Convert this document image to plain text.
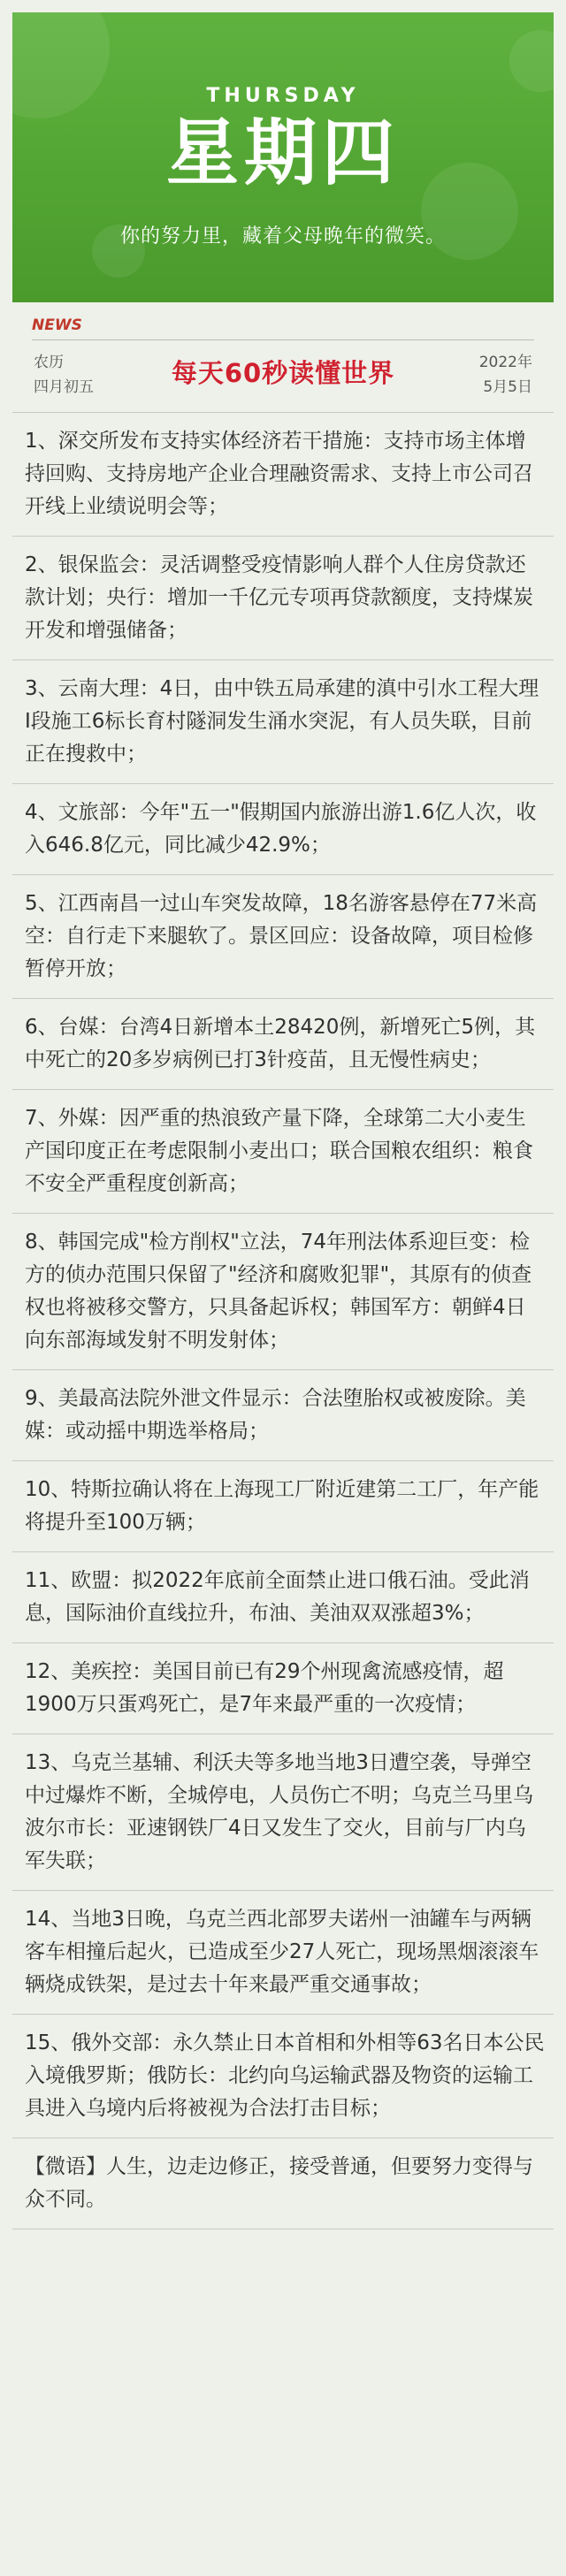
THURSDAY
星期四
你的努力里，藏着父母晚年的微笑。
NEWS
农历
四月初五	每天60秒读懂世界	2022年
5月5日
1、深交所发布支持实体经济若干措施：支持市场主体增持回购、支持房地产企业合理融资需求、支持上市公司召开线上业绩说明会等；
2、银保监会：灵活调整受疫情影响人群个人住房贷款还款计划；央行：增加一千亿元专项再贷款额度，支持煤炭开发和增强储备；
3、云南大理：4日，由中铁五局承建的滇中引水工程大理Ⅰ段施工6标长育村隧洞发生涌水突泥，有人员失联，目前正在搜救中；
4、文旅部：今年"五一"假期国内旅游出游1.6亿人次，收入646.8亿元，同比减少42.9%；
5、江西南昌一过山车突发故障，18名游客悬停在77米高空：自行走下来腿软了。景区回应：设备故障，项目检修暂停开放；
6、台媒：台湾4日新增本土28420例，新增死亡5例，其中死亡的20多岁病例已打3针疫苗，且无慢性病史；
7、外媒：因严重的热浪致产量下降，全球第二大小麦生产国印度正在考虑限制小麦出口；联合国粮农组织：粮食不安全严重程度创新高；
8、韩国完成"检方削权"立法，74年刑法体系迎巨变：检方的侦办范围只保留了"经济和腐败犯罪"，其原有的侦查权也将被移交警方，只具备起诉权；韩国军方：朝鲜4日向东部海域发射不明发射体；
9、美最高法院外泄文件显示：合法堕胎权或被废除。美媒：或动摇中期选举格局；
10、特斯拉确认将在上海现工厂附近建第二工厂，年产能将提升至100万辆；
11、欧盟：拟2022年底前全面禁止进口俄石油。受此消息，国际油价直线拉升，布油、美油双双涨超3%；
12、美疾控：美国目前已有29个州现禽流感疫情，超1900万只蛋鸡死亡，是7年来最严重的一次疫情；
13、乌克兰基辅、利沃夫等多地当地3日遭空袭，导弹空中过爆炸不断，全城停电，人员伤亡不明；乌克兰马里乌波尔市长：亚速钢铁厂4日又发生了交火，目前与厂内乌军失联；
14、当地3日晚，乌克兰西北部罗夫诺州一油罐车与两辆客车相撞后起火，已造成至少27人死亡，现场黑烟滚滚车辆烧成铁架，是过去十年来最严重交通事故；
15、俄外交部：永久禁止日本首相和外相等63名日本公民入境俄罗斯；俄防长：北约向乌运输武器及物资的运输工具进入乌境内后将被视为合法打击目标；
【微语】人生，边走边修正，接受普通，但要努力变得与众不同。
